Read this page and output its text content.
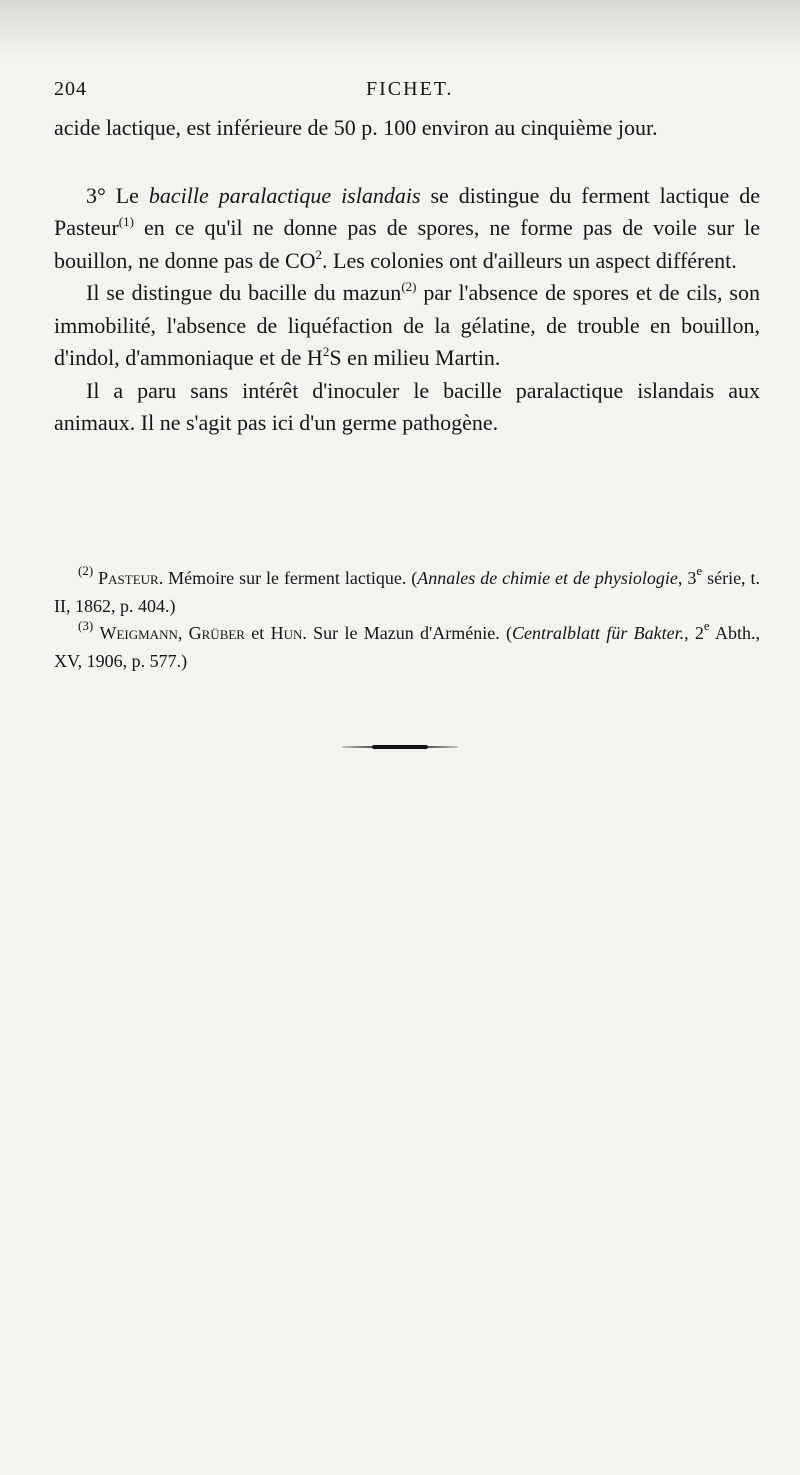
204	FICHET.

acide lactique, est inférieure de 50 p. 100 environ au cinquième jour.

3° Le bacille paralactique islandais se distingue du ferment lactique de Pasteur$^{(1)}$ en ce qu'il ne donne pas de spores, ne forme pas de voile sur le bouillon, ne donne pas de $CO^2$. Les colonies ont d'ailleurs un aspect différent.

Il se distingue du bacille du mazun$^{(2)}$ par l'absence de spores et de cils, son immobilité, l'absence de liquéfaction de la gélatine, de trouble en bouillon, d'indol, d'ammoniaque et de $H^2S$ en milieu Martin.

Il a paru sans intérêt d'inoculer le bacille paralactique islandais aux animaux. Il ne s'agit pas ici d'un germe pathogène.

$^{(2)}$ Pasteur. Mémoire sur le ferment lactique. (Annales de chimie et de physiologie, 3e série, t. II, 1862, p. 404.)

$^{(3)}$ Weigmann, Grüber et Hun. Sur le Mazun d'Arménie. (Centralblatt für Bakter., 2e Abth., XV, 1906, p. 577.)
